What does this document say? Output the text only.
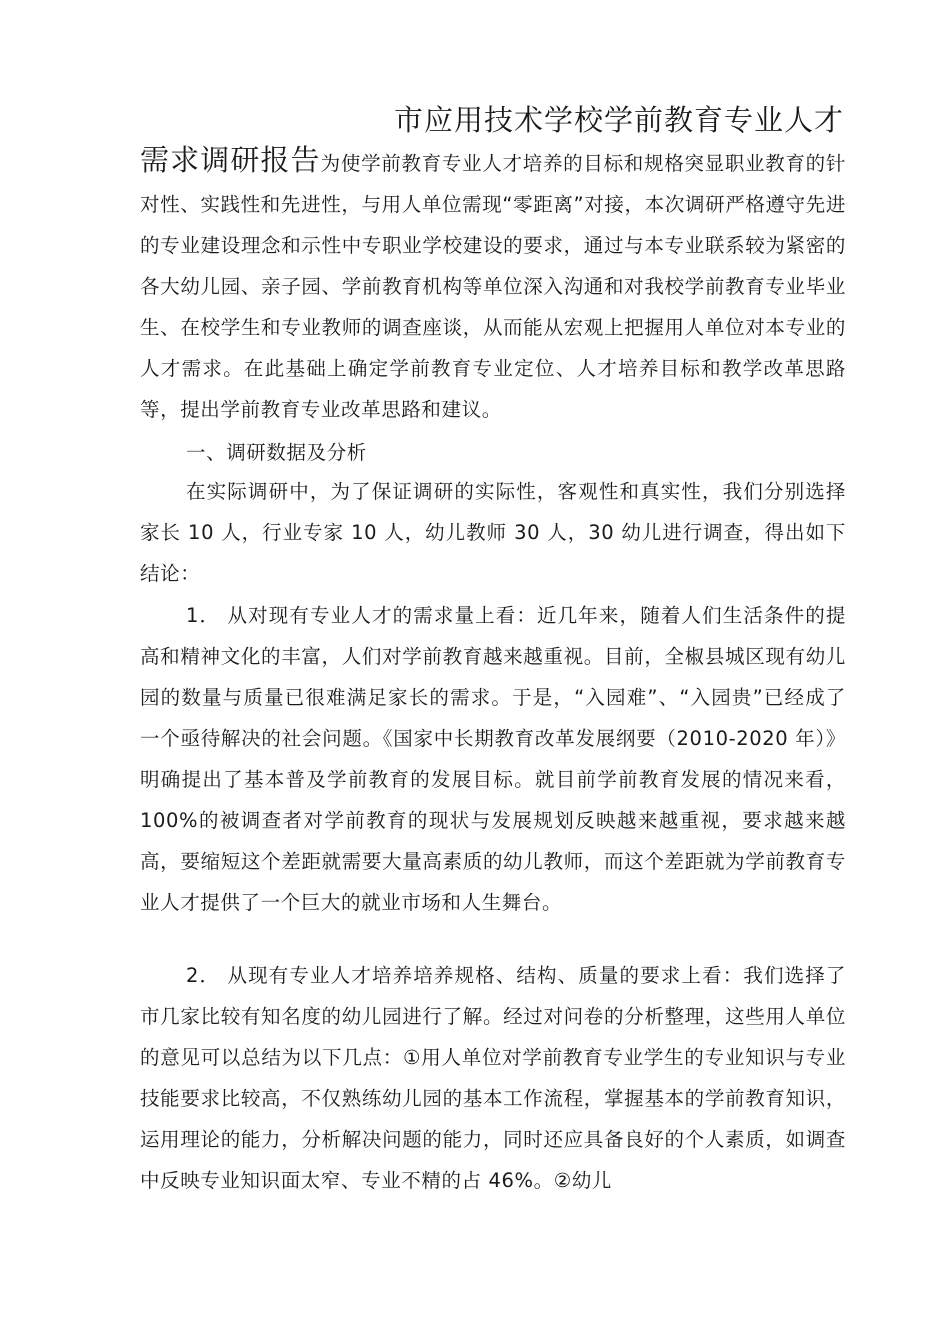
市应用技术学校学前教育专业人才
需求调研报告为使学前教育专业人才培养的目标和规格突显职业教育的针对性、实践性和先进性，与用人单位需现“零距离”对接，本次调研严格遵守先进的专业建设理念和示性中专职业学校建设的要求，通过与本专业联系较为紧密的各大幼儿园、亲子园、学前教育机构等单位深入沟通和对我校学前教育专业毕业生、在校学生和专业教师的调查座谈，从而能从宏观上把握用人单位对本专业的人才需求。在此基础上确定学前教育专业定位、人才培养目标和教学改革思路等，提出学前教育专业改革思路和建议。
一、调研数据及分析
在实际调研中，为了保证调研的实际性，客观性和真实性，我们分别选择家长 10 人，行业专家 10 人，幼儿教师 30 人，30 幼儿进行调查，得出如下结论：
1． 从对现有专业人才的需求量上看：近几年来，随着人们生活条件的提高和精神文化的丰富，人们对学前教育越来越重视。目前，全椒县城区现有幼儿园的数量与质量已很难满足家长的需求。于是，“入园难”、“入园贵”已经成了一个亟待解决的社会问题。《国家中长期教育改革发展纲要（2010-2020 年）》明确提出了基本普及学前教育的发展目标。就目前学前教育发展的情况来看，100%的被调查者对学前教育的现状与发展规划反映越来越重视，要求越来越高，要缩短这个差距就需要大量高素质的幼儿教师，而这个差距就为学前教育专业人才提供了一个巨大的就业市场和人生舞台。
2． 从现有专业人才培养培养规格、结构、质量的要求上看：我们选择了市几家比较有知名度的幼儿园进行了解。经过对问卷的分析整理，这些用人单位的意见可以总结为以下几点：①用人单位对学前教育专业学生的专业知识与专业技能要求比较高，不仅熟练幼儿园的基本工作流程，掌握基本的学前教育知识，运用理论的能力，分析解决问题的能力，同时还应具备良好的个人素质，如调查中反映专业知识面太窄、专业不精的占 46%。②幼儿
